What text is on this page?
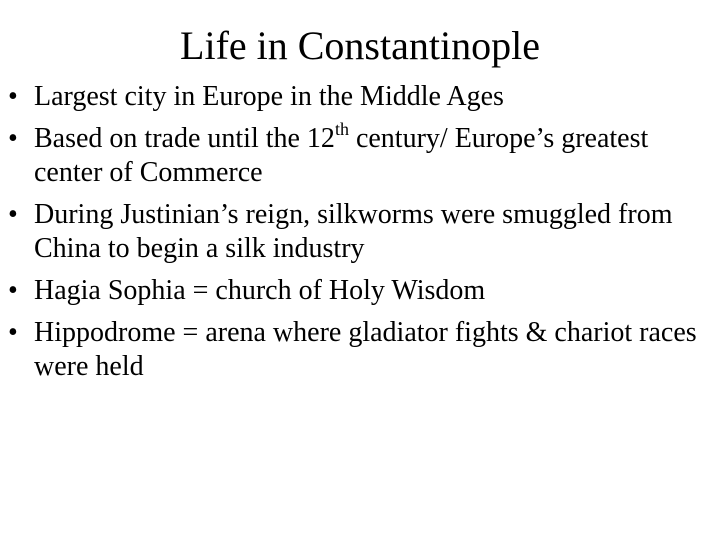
Life in Constantinople
• Largest city in Europe in the Middle Ages
• Based on trade until the 12th century/ Europe’s greatest center of Commerce
• During Justinian’s reign, silkworms were smuggled from China to begin a silk industry
• Hagia Sophia = church of Holy Wisdom
• Hippodrome = arena where gladiator fights & chariot races were held
